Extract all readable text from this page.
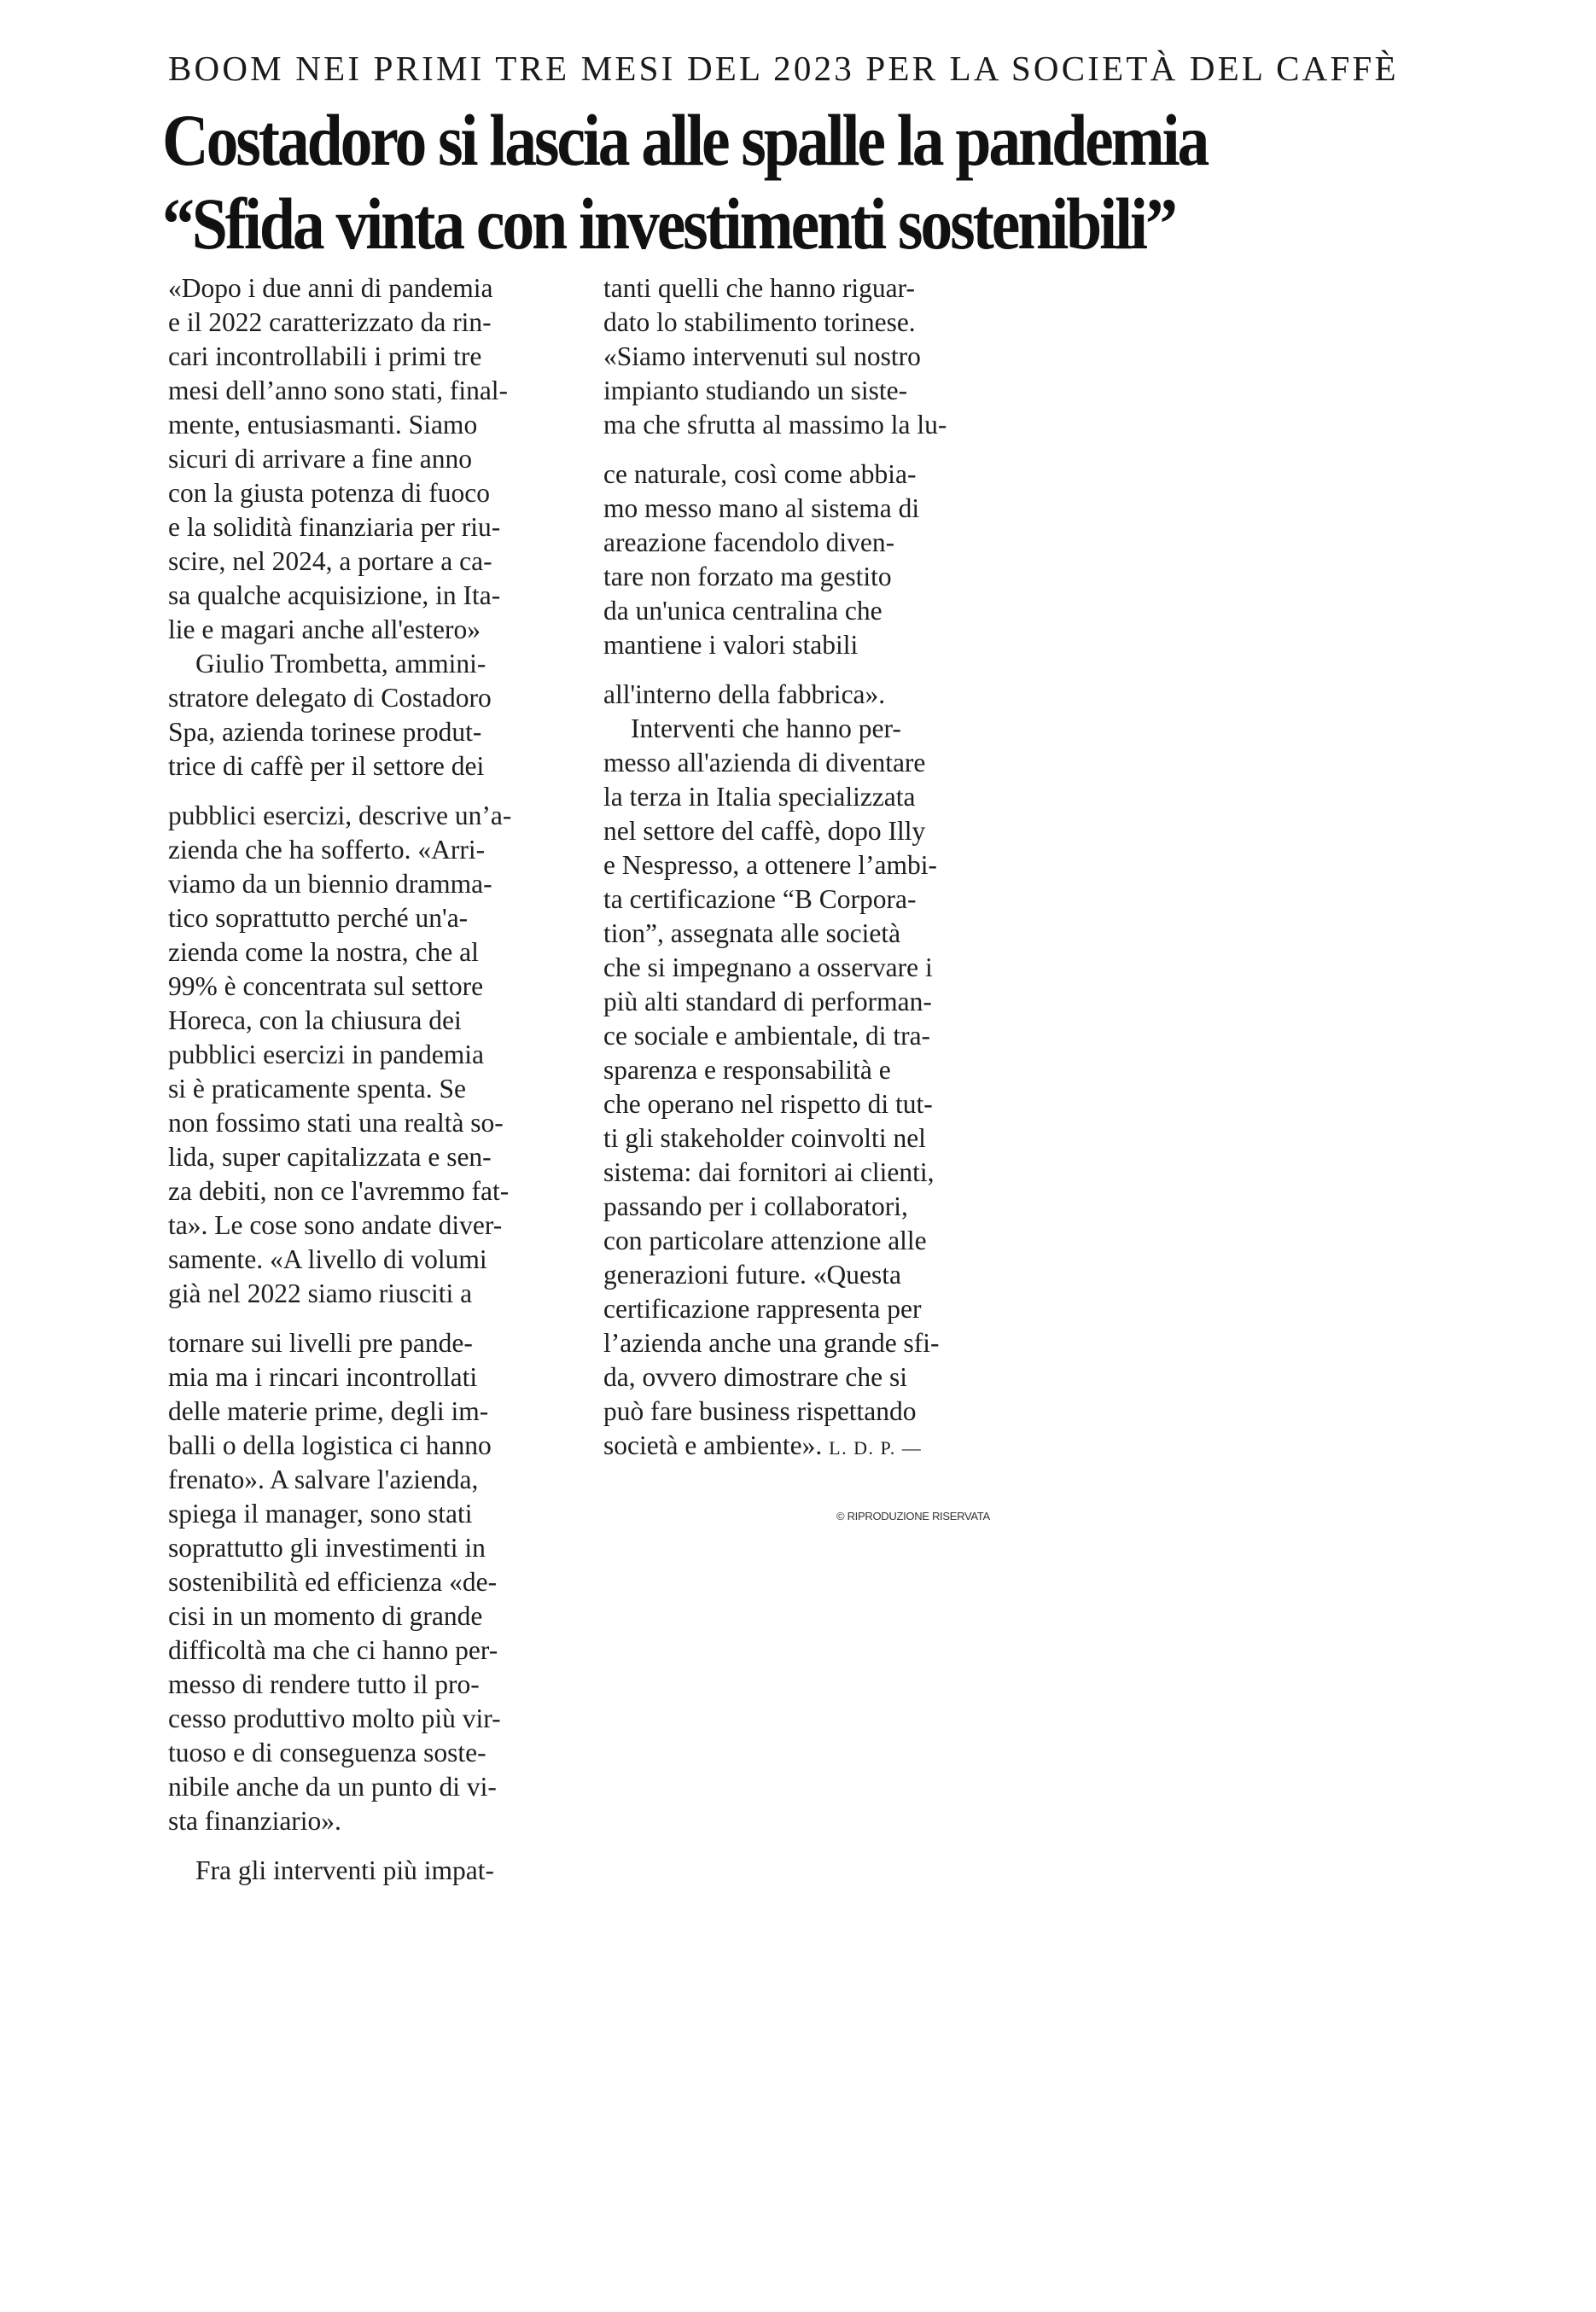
BOOM NEI PRIMI TRE MESI DEL 2023 PER LA SOCIETÀ DEL CAFFÈ
Costadoro si lascia alle spalle la pandemia
“Sfida vinta con investimenti sostenibili”
«Dopo i due anni di pandemia
e il 2022 caratterizzato da rin-
cari incontrollabili i primi tre
mesi dell’anno sono stati, final-
mente, entusiasmanti. Siamo
sicuri di arrivare a fine anno
con la giusta potenza di fuoco
e la solidità finanziaria per riu-
scire, nel 2024, a portare a ca-
sa qualche acquisizione, in Ita-
lie e magari anche all'estero»
Giulio Trombetta, ammini-
stratore delegato di Costadoro
Spa, azienda torinese produt-
trice di caffè per il settore dei
pubblici esercizi, descrive un’a-
zienda che ha sofferto. «Arri-
viamo da un biennio dramma-
tico soprattutto perché un'a-
zienda come la nostra, che al
99% è concentrata sul settore
Horeca, con la chiusura dei
pubblici esercizi in pandemia
si è praticamente spenta. Se
non fossimo stati una realtà so-
lida, super capitalizzata e sen-
za debiti, non ce l'avremmo fat-
ta». Le cose sono andate diver-
samente. «A livello di volumi
già nel 2022 siamo riusciti a
tornare sui livelli pre pande-
mia ma i rincari incontrollati
delle materie prime, degli im-
balli o della logistica ci hanno
frenato». A salvare l'azienda,
spiega il manager, sono stati
soprattutto gli investimenti in
sostenibilità ed efficienza «de-
cisi in un momento di grande
difficoltà ma che ci hanno per-
messo di rendere tutto il pro-
cesso produttivo molto più vir-
tuoso e di conseguenza soste-
nibile anche da un punto di vi-
sta finanziario».
Fra gli interventi più impat-
tanti quelli che hanno riguar-
dato lo stabilimento torinese.
«Siamo intervenuti sul nostro
impianto studiando un siste-
ma che sfrutta al massimo la lu-
ce naturale, così come abbia-
mo messo mano al sistema di
areazione facendolo diven-
tare non forzato ma gestito
da un'unica centralina che
mantiene i valori stabili
all'interno della fabbrica».
Interventi che hanno per-
messo all'azienda di diventare
la terza in Italia specializzata
nel settore del caffè, dopo Illy
e Nespresso, a ottenere l’ambi-
ta certificazione “B Corpora-
tion”, assegnata alle società
che si impegnano a osservare i
più alti standard di performan-
ce sociale e ambientale, di tra-
sparenza e responsabilità e
che operano nel rispetto di tut-
ti gli stakeholder coinvolti nel
sistema: dai fornitori ai clienti,
passando per i collaboratori,
con particolare attenzione alle
generazioni future. «Questa
certificazione rappresenta per
l’azienda anche una grande sfi-
da, ovvero dimostrare che si
può fare business rispettando
società e ambiente». L. D. P. —
© RIPRODUZIONE RISERVATA
